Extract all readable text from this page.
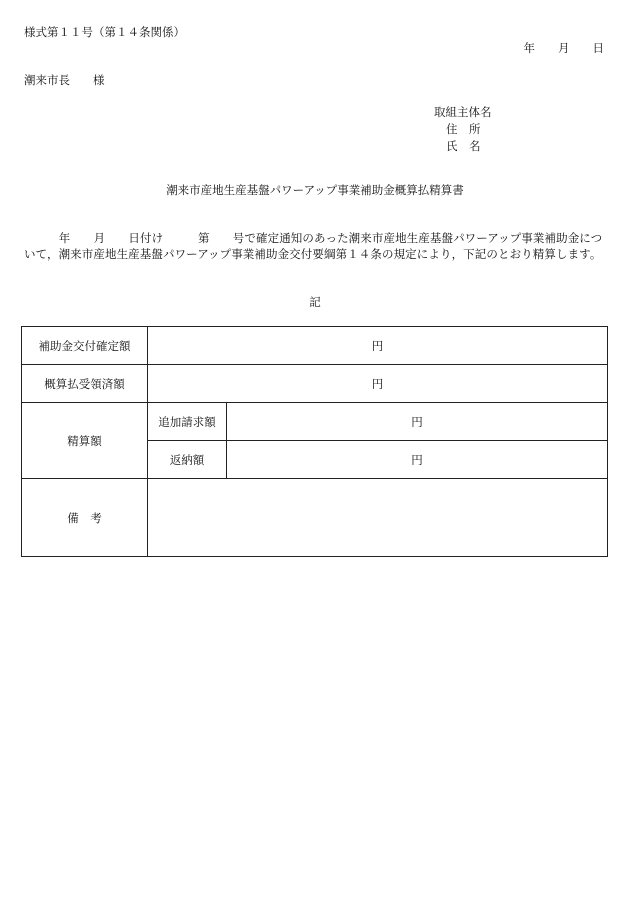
様式第１１号（第１４条関係）
年　　月　　日
潮来市長　　様
取組主体名
住　所
氏　名
潮来市産地生産基盤パワーアップ事業補助金概算払精算書
　　　年　　月　　日付け　　　第　　号で確定通知のあった潮来市産地生産基盤パワーアップ事業補助金について，潮来市産地生産基盤パワーアップ事業補助金交付要綱第１４条の規定により，下記のとおり精算します。
記
補助金交付確定額	円	
概算払受領済額	円	
精算額	追加請求額	円
	返納額	円
備　考		
